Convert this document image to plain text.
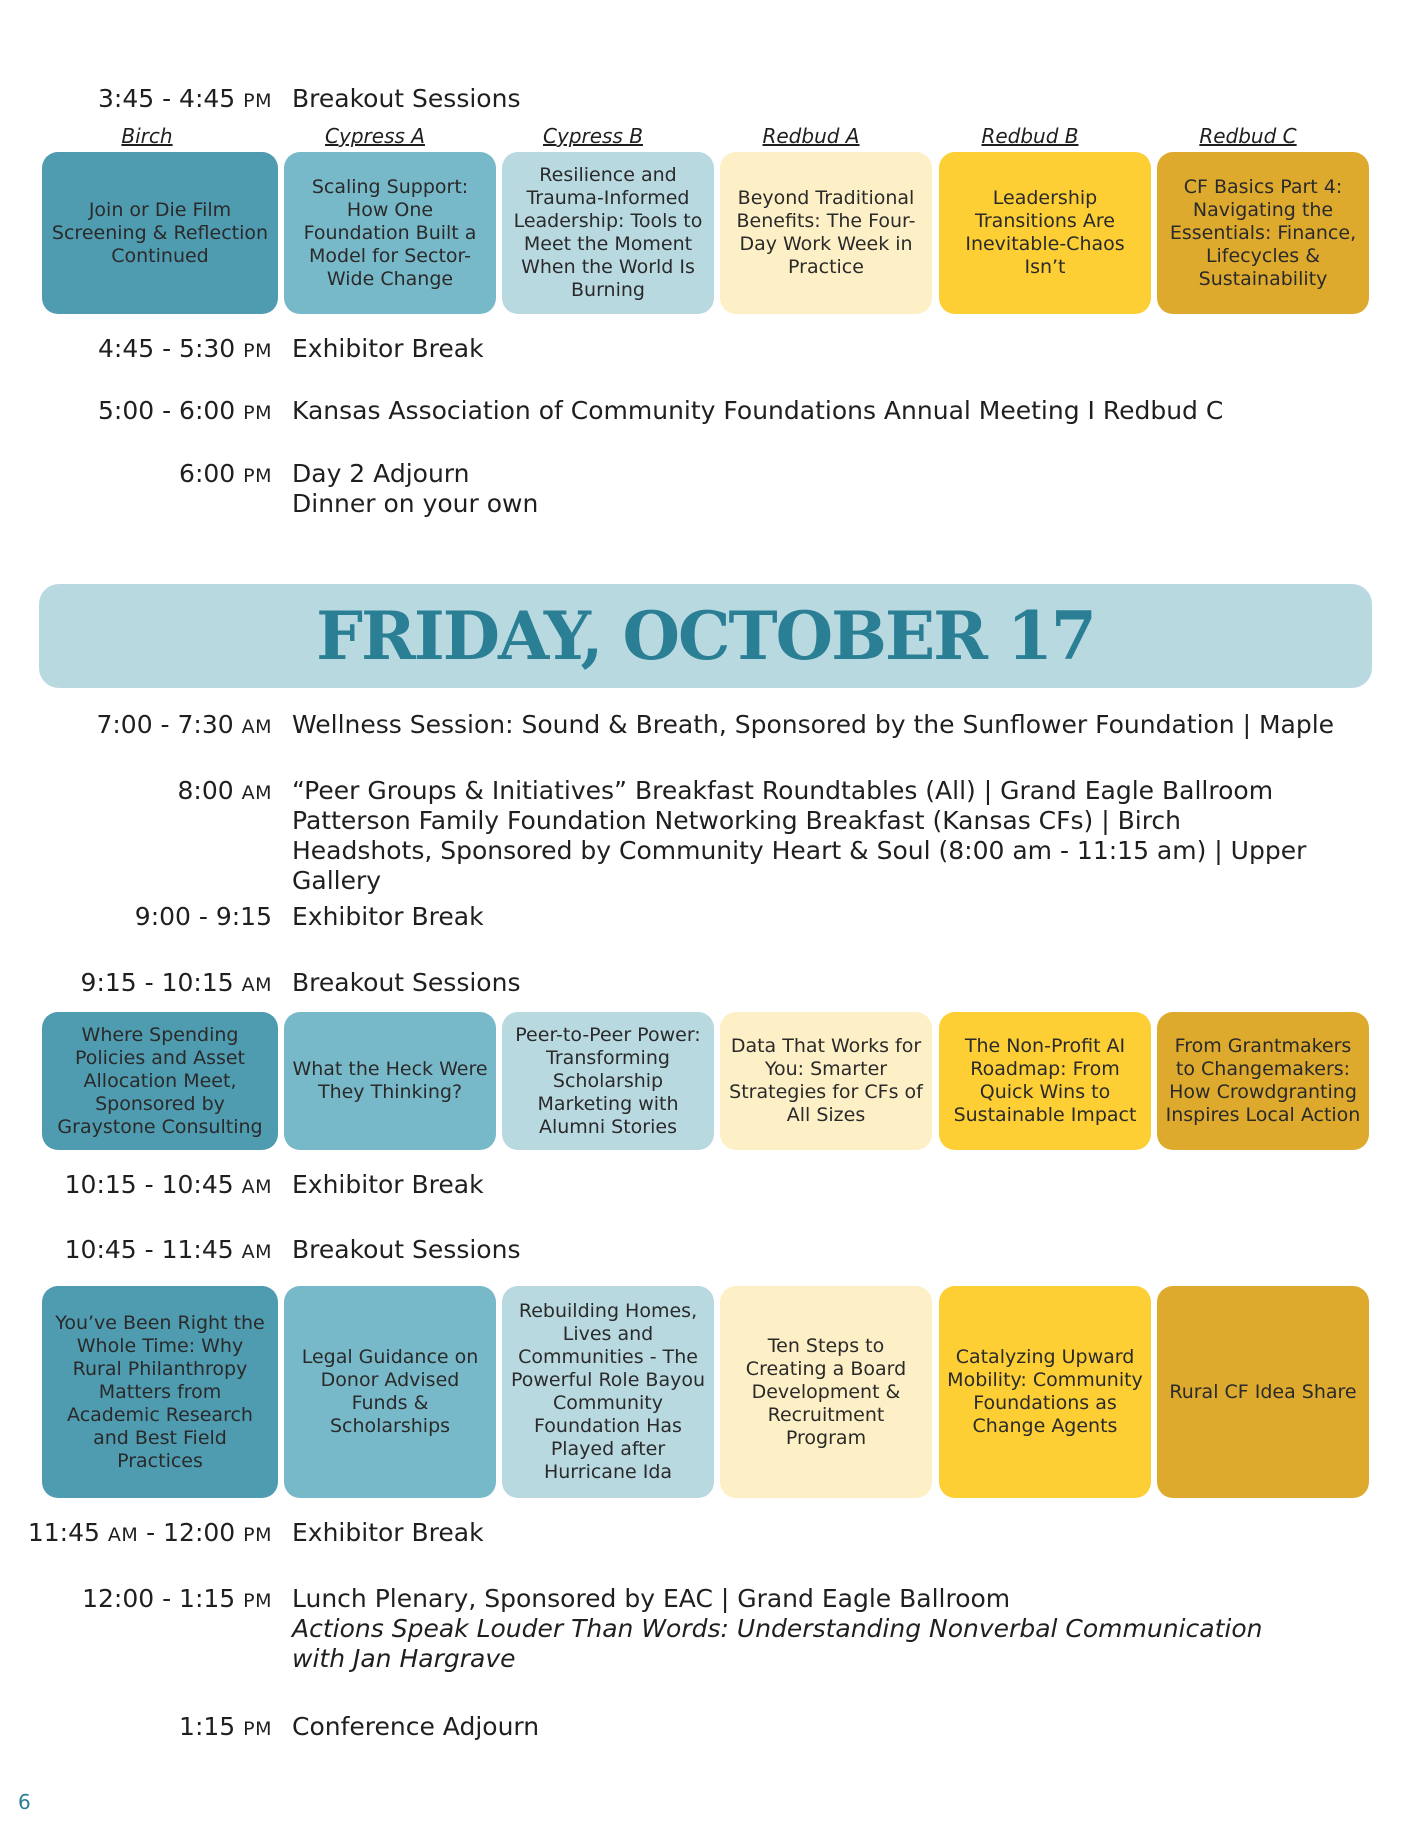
3:45 - 4:45 PM Breakout Sessions
Birch	Cypress A	Cypress B	Redbud A	Redbud B	Redbud C
Join or Die Film Screening & Reflection Continued
Scaling Support: How One Foundation Built a Model for Sector-Wide Change
Resilience and Trauma-Informed Leadership: Tools to Meet the Moment When the World Is Burning
Beyond Traditional Benefits: The Four-Day Work Week in Practice
Leadership Transitions Are Inevitable-Chaos Isn’t
CF Basics Part 4: Navigating the Essentials: Finance, Lifecycles & Sustainability
4:45 - 5:30 PM Exhibitor Break
5:00 - 6:00 PM Kansas Association of Community Foundations Annual Meeting I Redbud C
6:00 PM Day 2 Adjourn
Dinner on your own
FRIDAY, OCTOBER 17
7:00 - 7:30 AM Wellness Session: Sound & Breath, Sponsored by the Sunflower Foundation | Maple
8:00 AM “Peer Groups & Initiatives” Breakfast Roundtables (All) | Grand Eagle Ballroom
Patterson Family Foundation Networking Breakfast (Kansas CFs) | Birch
Headshots, Sponsored by Community Heart & Soul (8:00 am - 11:15 am) | Upper Gallery
9:00 - 9:15 Exhibitor Break
9:15 - 10:15 AM Breakout Sessions
Where Spending Policies and Asset Allocation Meet, Sponsored by Graystone Consulting
What the Heck Were They Thinking?
Peer-to-Peer Power: Transforming Scholarship Marketing with Alumni Stories
Data That Works for You: Smarter Strategies for CFs of All Sizes
The Non-Profit AI Roadmap: From Quick Wins to Sustainable Impact
From Grantmakers to Changemakers: How Crowdgranting Inspires Local Action
10:15 - 10:45 AM Exhibitor Break
10:45 - 11:45 AM Breakout Sessions
You’ve Been Right the Whole Time: Why Rural Philanthropy Matters from Academic Research and Best Field Practices
Legal Guidance on Donor Advised Funds & Scholarships
Rebuilding Homes, Lives and Communities - The Powerful Role Bayou Community Foundation Has Played after Hurricane Ida
Ten Steps to Creating a Board Development & Recruitment Program
Catalyzing Upward Mobility: Community Foundations as Change Agents
Rural CF Idea Share
11:45 AM - 12:00 PM Exhibitor Break
12:00 - 1:15 PM Lunch Plenary, Sponsored by EAC | Grand Eagle Ballroom
Actions Speak Louder Than Words: Understanding Nonverbal Communication with Jan Hargrave
1:15 PM Conference Adjourn
6
